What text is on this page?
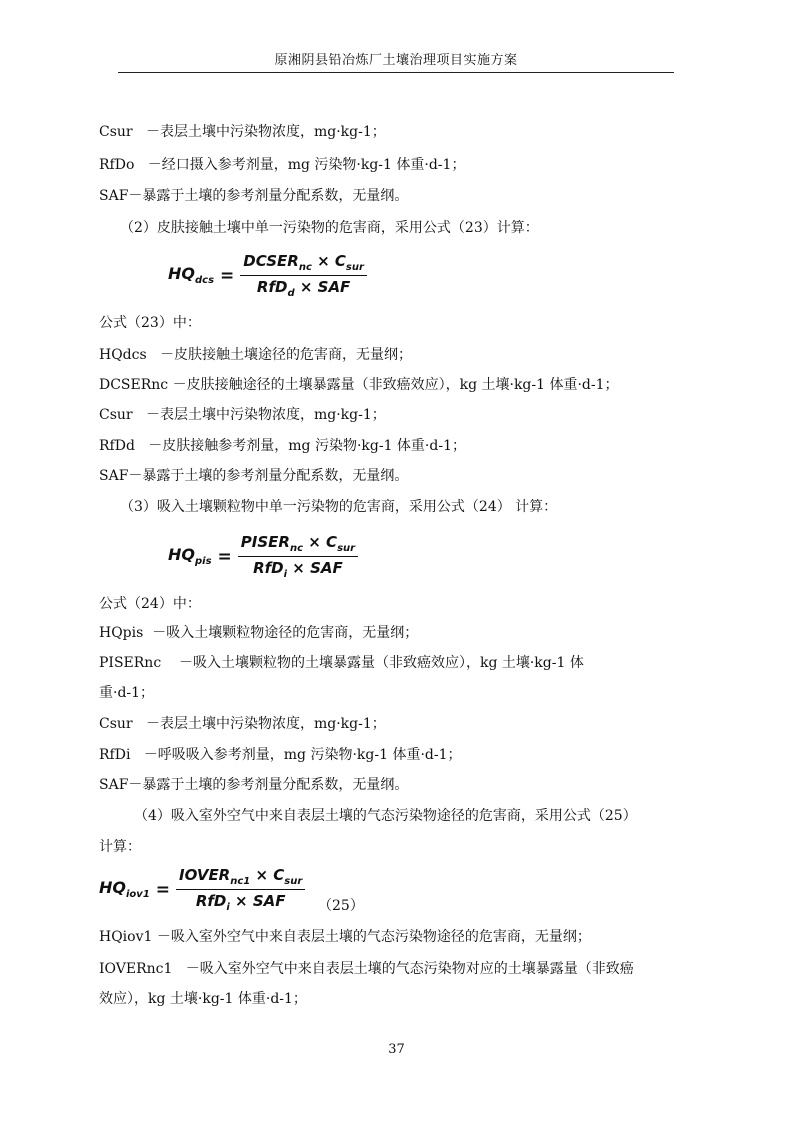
原湘阴县铅冶炼厂土壤治理项目实施方案
Csur   －表层土壤中污染物浓度，mg·kg-1；
RfDo   －经口摄入参考剂量，mg 污染物·kg-1 体重·d-1；
SAF－暴露于土壤的参考剂量分配系数，无量纲。
（2）皮肤接触土壤中单一污染物的危害商，采用公式（23）计算：
$HQ_{dcs} = \frac{DCSER_{nc} \times C_{sur}}{RfD_d \times SAF}$
公式（23）中：
HQdcs   －皮肤接触土壤途径的危害商，无量纲；
DCSERnc －皮肤接触途径的土壤暴露量（非致癌效应），kg 土壤·kg-1 体重·d-1；
Csur   －表层土壤中污染物浓度，mg·kg-1；
RfDd   －皮肤接触参考剂量，mg 污染物·kg-1 体重·d-1；
SAF－暴露于土壤的参考剂量分配系数，无量纲。
（3）吸入土壤颗粒物中单一污染物的危害商，采用公式（24） 计算：
$HQ_{pis} = \frac{PISER_{nc} \times C_{sur}}{RfD_i \times SAF}$
公式（24）中：
HQpis  －吸入土壤颗粒物途径的危害商，无量纲；
PISERnc    －吸入土壤颗粒物的土壤暴露量（非致癌效应），kg 土壤·kg-1 体
重·d-1；
Csur   －表层土壤中污染物浓度，mg·kg-1；
RfDi   －呼吸吸入参考剂量，mg 污染物·kg-1 体重·d-1；
SAF－暴露于土壤的参考剂量分配系数，无量纲。
（4）吸入室外空气中来自表层土壤的气态污染物途径的危害商，采用公式（25）
计算：
$HQ_{iov1} = \frac{IOVER_{nc1} \times C_{sur}}{RfD_i \times SAF} (25)$
HQiov1 －吸入室外空气中来自表层土壤的气态污染物途径的危害商，无量纲；
IOVERnc1   －吸入室外空气中来自表层土壤的气态污染物对应的土壤暴露量（非致癌
效应），kg 土壤·kg-1 体重·d-1；
37
